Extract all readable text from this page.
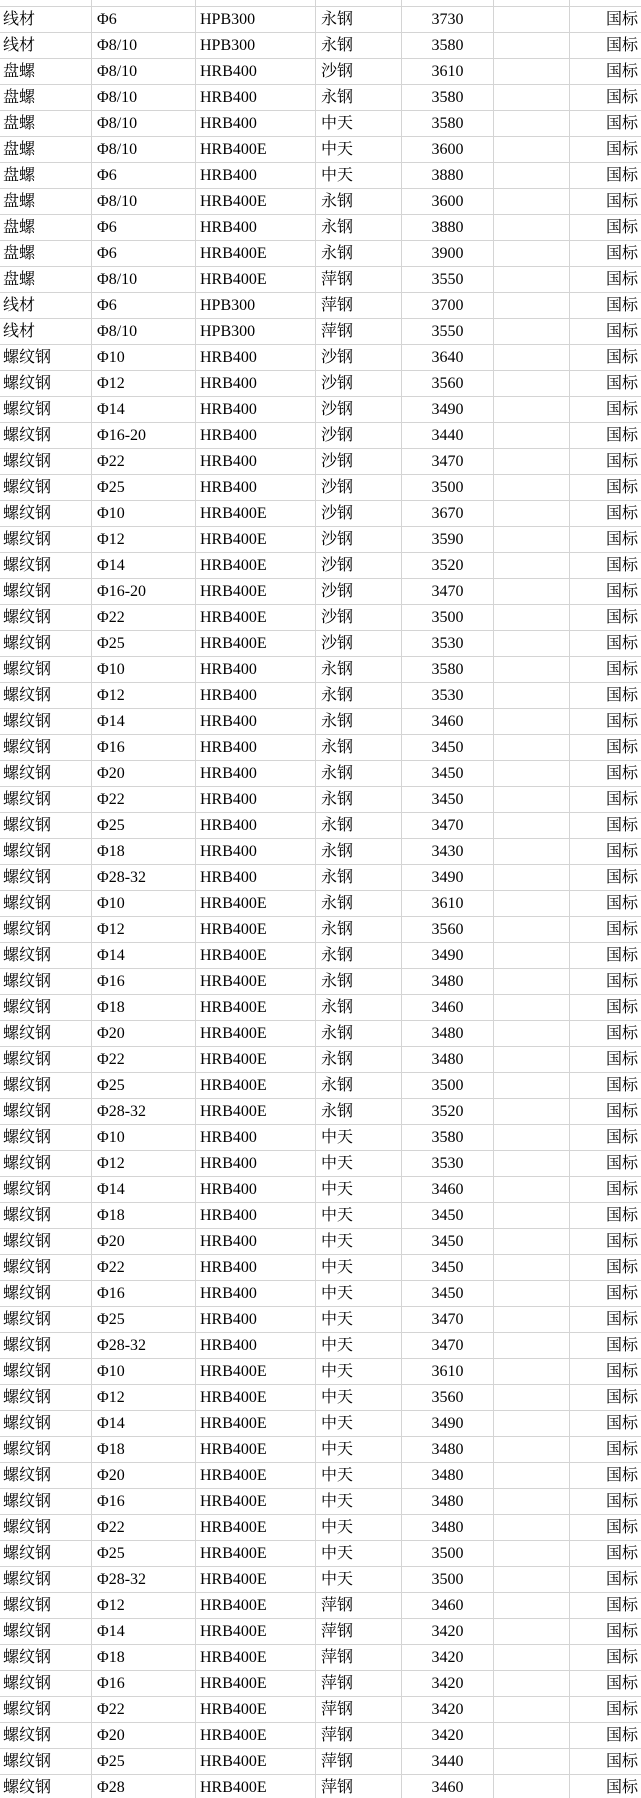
线材	Φ6	HPB300	永钢	3730	国标
线材	Φ8/10	HPB300	永钢	3580	国标
盘螺	Φ8/10	HRB400	沙钢	3610	国标
盘螺	Φ8/10	HRB400	永钢	3580	国标
盘螺	Φ8/10	HRB400	中天	3580	国标
盘螺	Φ8/10	HRB400E	中天	3600	国标
盘螺	Φ6	HRB400	中天	3880	国标
盘螺	Φ8/10	HRB400E	永钢	3600	国标
盘螺	Φ6	HRB400	永钢	3880	国标
盘螺	Φ6	HRB400E	永钢	3900	国标
盘螺	Φ8/10	HRB400E	萍钢	3550	国标
线材	Φ6	HPB300	萍钢	3700	国标
线材	Φ8/10	HPB300	萍钢	3550	国标
螺纹钢	Φ10	HRB400	沙钢	3640	国标
螺纹钢	Φ12	HRB400	沙钢	3560	国标
螺纹钢	Φ14	HRB400	沙钢	3490	国标
螺纹钢	Φ16-20	HRB400	沙钢	3440	国标
螺纹钢	Φ22	HRB400	沙钢	3470	国标
螺纹钢	Φ25	HRB400	沙钢	3500	国标
螺纹钢	Φ10	HRB400E	沙钢	3670	国标
螺纹钢	Φ12	HRB400E	沙钢	3590	国标
螺纹钢	Φ14	HRB400E	沙钢	3520	国标
螺纹钢	Φ16-20	HRB400E	沙钢	3470	国标
螺纹钢	Φ22	HRB400E	沙钢	3500	国标
螺纹钢	Φ25	HRB400E	沙钢	3530	国标
螺纹钢	Φ10	HRB400	永钢	3580	国标
螺纹钢	Φ12	HRB400	永钢	3530	国标
螺纹钢	Φ14	HRB400	永钢	3460	国标
螺纹钢	Φ16	HRB400	永钢	3450	国标
螺纹钢	Φ20	HRB400	永钢	3450	国标
螺纹钢	Φ22	HRB400	永钢	3450	国标
螺纹钢	Φ25	HRB400	永钢	3470	国标
螺纹钢	Φ18	HRB400	永钢	3430	国标
螺纹钢	Φ28-32	HRB400	永钢	3490	国标
螺纹钢	Φ10	HRB400E	永钢	3610	国标
螺纹钢	Φ12	HRB400E	永钢	3560	国标
螺纹钢	Φ14	HRB400E	永钢	3490	国标
螺纹钢	Φ16	HRB400E	永钢	3480	国标
螺纹钢	Φ18	HRB400E	永钢	3460	国标
螺纹钢	Φ20	HRB400E	永钢	3480	国标
螺纹钢	Φ22	HRB400E	永钢	3480	国标
螺纹钢	Φ25	HRB400E	永钢	3500	国标
螺纹钢	Φ28-32	HRB400E	永钢	3520	国标
螺纹钢	Φ10	HRB400	中天	3580	国标
螺纹钢	Φ12	HRB400	中天	3530	国标
螺纹钢	Φ14	HRB400	中天	3460	国标
螺纹钢	Φ18	HRB400	中天	3450	国标
螺纹钢	Φ20	HRB400	中天	3450	国标
螺纹钢	Φ22	HRB400	中天	3450	国标
螺纹钢	Φ16	HRB400	中天	3450	国标
螺纹钢	Φ25	HRB400	中天	3470	国标
螺纹钢	Φ28-32	HRB400	中天	3470	国标
螺纹钢	Φ10	HRB400E	中天	3610	国标
螺纹钢	Φ12	HRB400E	中天	3560	国标
螺纹钢	Φ14	HRB400E	中天	3490	国标
螺纹钢	Φ18	HRB400E	中天	3480	国标
螺纹钢	Φ20	HRB400E	中天	3480	国标
螺纹钢	Φ16	HRB400E	中天	3480	国标
螺纹钢	Φ22	HRB400E	中天	3480	国标
螺纹钢	Φ25	HRB400E	中天	3500	国标
螺纹钢	Φ28-32	HRB400E	中天	3500	国标
螺纹钢	Φ12	HRB400E	萍钢	3460	国标
螺纹钢	Φ14	HRB400E	萍钢	3420	国标
螺纹钢	Φ18	HRB400E	萍钢	3420	国标
螺纹钢	Φ16	HRB400E	萍钢	3420	国标
螺纹钢	Φ22	HRB400E	萍钢	3420	国标
螺纹钢	Φ20	HRB400E	萍钢	3420	国标
螺纹钢	Φ25	HRB400E	萍钢	3440	国标
螺纹钢	Φ28	HRB400E	萍钢	3460	国标
